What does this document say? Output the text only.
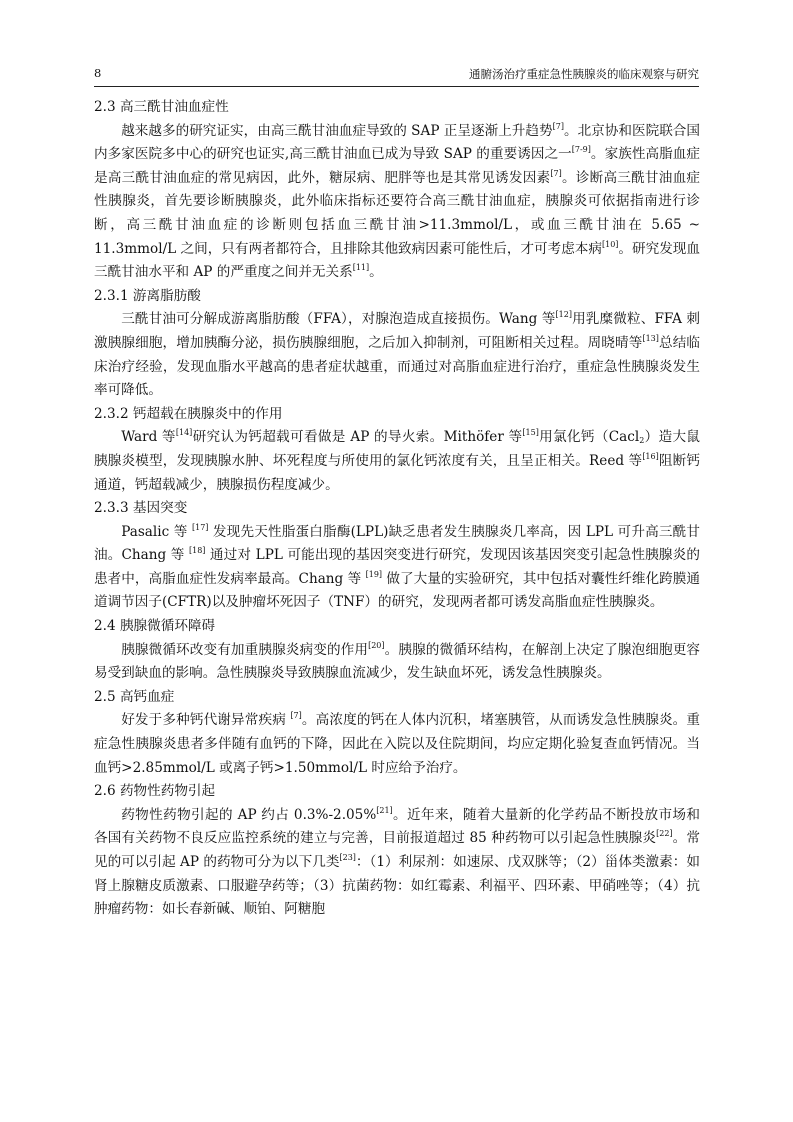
8	通腑汤治疗重症急性胰腺炎的临床观察与研究
2.3 高三酰甘油血症性

越来越多的研究证实，由高三酰甘油血症导致的 SAP 正呈逐渐上升趋势[7]。北京协和医院联合国内多家医院多中心的研究也证实,高三酰甘油血已成为导致 SAP 的重要诱因之一[7-9]。家族性高脂血症是高三酰甘油血症的常见病因，此外，糖尿病、肥胖等也是其常见诱发因素[7]。诊断高三酰甘油血症性胰腺炎，首先要诊断胰腺炎，此外临床指标还要符合高三酰甘油血症，胰腺炎可依据指南进行诊断，高三酰甘油血症的诊断则包括血三酰甘油>11.3mmol/L，或血三酰甘油在 5.65 ~ 11.3mmol/L 之间，只有两者都符合，且排除其他致病因素可能性后，才可考虑本病[10]。研究发现血三酰甘油水平和 AP 的严重度之间并无关系[11]。

2.3.1 游离脂肪酸

三酰甘油可分解成游离脂肪酸（FFA），对腺泡造成直接损伤。Wang 等[12]用乳糜微粒、FFA 刺激胰腺细胞，增加胰酶分泌，损伤胰腺细胞，之后加入抑制剂，可阻断相关过程。周晓晴等[13]总结临床治疗经验，发现血脂水平越高的患者症状越重，而通过对高脂血症进行治疗，重症急性胰腺炎发生率可降低。

2.3.2 钙超载在胰腺炎中的作用

Ward 等[14]研究认为钙超载可看做是 AP 的导火索。Mithöfer 等[15]用氯化钙（Cacl$_2$）造大鼠胰腺炎模型，发现胰腺水肿、坏死程度与所使用的氯化钙浓度有关，且呈正相关。Reed 等[16]阻断钙通道，钙超载减少，胰腺损伤程度减少。

2.3.3 基因突变

Pasalic 等 [17] 发现先天性脂蛋白脂酶(LPL)缺乏患者发生胰腺炎几率高，因 LPL 可升高三酰甘油。Chang 等 [18] 通过对 LPL 可能出现的基因突变进行研究，发现因该基因突变引起急性胰腺炎的患者中，高脂血症性发病率最高。Chang 等 [19] 做了大量的实验研究，其中包括对囊性纤维化跨膜通道调节因子(CFTR)以及肿瘤坏死因子（TNF）的研究，发现两者都可诱发高脂血症性胰腺炎。

2.4 胰腺微循环障碍

胰腺微循环改变有加重胰腺炎病变的作用[20]。胰腺的微循环结构，在解剖上决定了腺泡细胞更容易受到缺血的影响。急性胰腺炎导致胰腺血流减少，发生缺血坏死，诱发急性胰腺炎。

2.5 高钙血症

好发于多种钙代谢异常疾病 [7]。高浓度的钙在人体内沉积，堵塞胰管，从而诱发急性胰腺炎。重症急性胰腺炎患者多伴随有血钙的下降，因此在入院以及住院期间，均应定期化验复查血钙情况。当血钙>2.85mmol/L 或离子钙>1.50mmol/L 时应给予治疗。

2.6 药物性药物引起

药物性药物引起的 AP 约占 0.3%-2.05%[21]。近年来，随着大量新的化学药品不断投放市场和各国有关药物不良反应监控系统的建立与完善，目前报道超过 85 种药物可以引起急性胰腺炎[22]。常见的可以引起 AP 的药物可分为以下几类[23]：（1）利尿剂：如速尿、戊双脒等；（2）甾体类激素：如肾上腺糖皮质激素、口服避孕药等；（3）抗菌药物：如红霉素、利福平、四环素、甲硝唑等；（4）抗肿瘤药物：如长春新碱、顺铂、阿糖胞
